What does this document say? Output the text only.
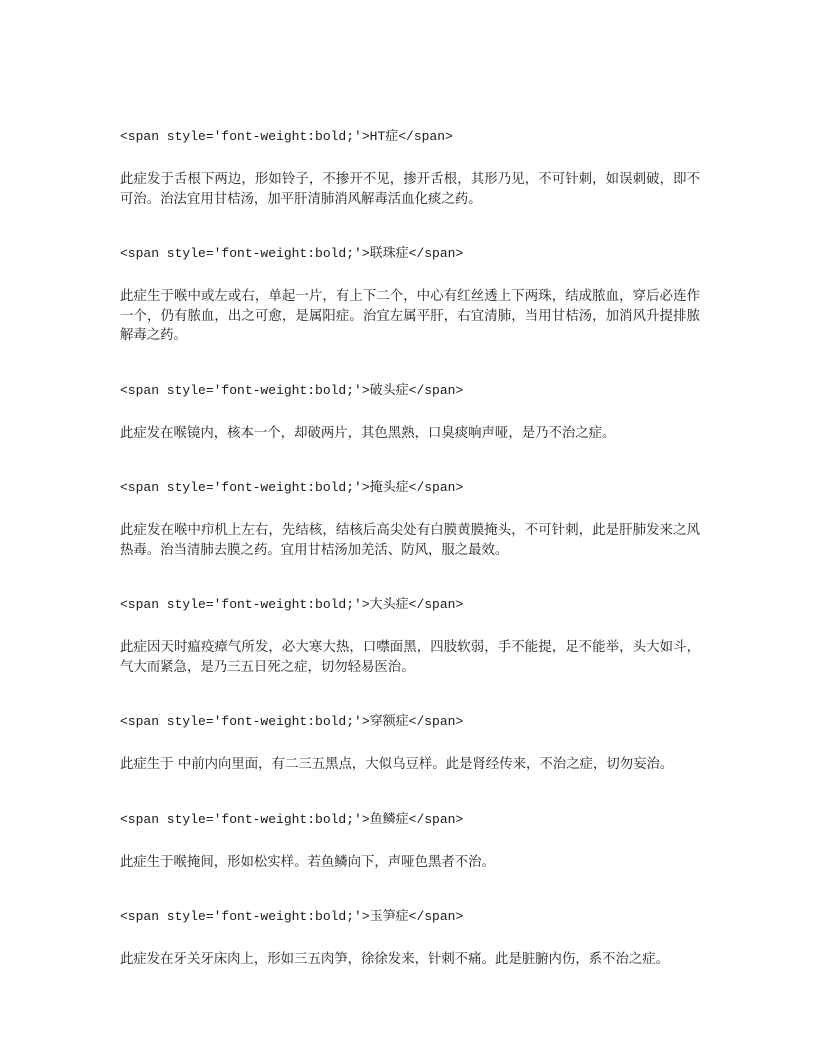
<span style='font-weight:bold;'>HT症</span>

此症发于舌根下两边，形如铃子，不掺开不见，掺开舌根，其形乃见，不可针刺，如误刺破，即不可治。治法宜用甘桔汤，加平肝清肺消风解毒活血化痰之药。

<span style='font-weight:bold;'>联珠症</span>

此症生于喉中或左或右，单起一片，有上下二个，中心有红丝透上下两珠，结成脓血，穿后必连作一个，仍有脓血，出之可愈，是属阳症。治宜左属平肝，右宜清肺，当用甘桔汤，加消风升提排脓解毒之药。

<span style='font-weight:bold;'>破头症</span>

此症发在喉镜内，核本一个，却破两片，其色黑熟，口臭痰响声哑，是乃不治之症。

<span style='font-weight:bold;'>掩头症</span>

此症发在喉中疖机上左右，先结核，结核后高尖处有白膜黄膜掩头，不可针刺，此是肝肺发来之风热毒。治当清肺去膜之药。宜用甘桔汤加羌活、防风，服之最效。

<span style='font-weight:bold;'>大头症</span>

此症因天时瘟疫瘴气所发，必大寒大热，口噤面黑，四肢软弱，手不能提，足不能举，头大如斗，气大而紧急，是乃三五日死之症，切勿轻易医治。

<span style='font-weight:bold;'>穿额症</span>

此症生于 中前内向里面，有二三五黑点，大似乌豆样。此是肾经传来，不治之症，切勿妄治。

<span style='font-weight:bold;'>鱼鳞症</span>

此症生于喉掩间，形如松实样。若鱼鳞向下，声哑色黑者不治。

<span style='font-weight:bold;'>玉笋症</span>

此症发在牙关牙床肉上，形如三五肉笋，徐徐发来，针刺不痛。此是脏腑内伤，系不治之症。
